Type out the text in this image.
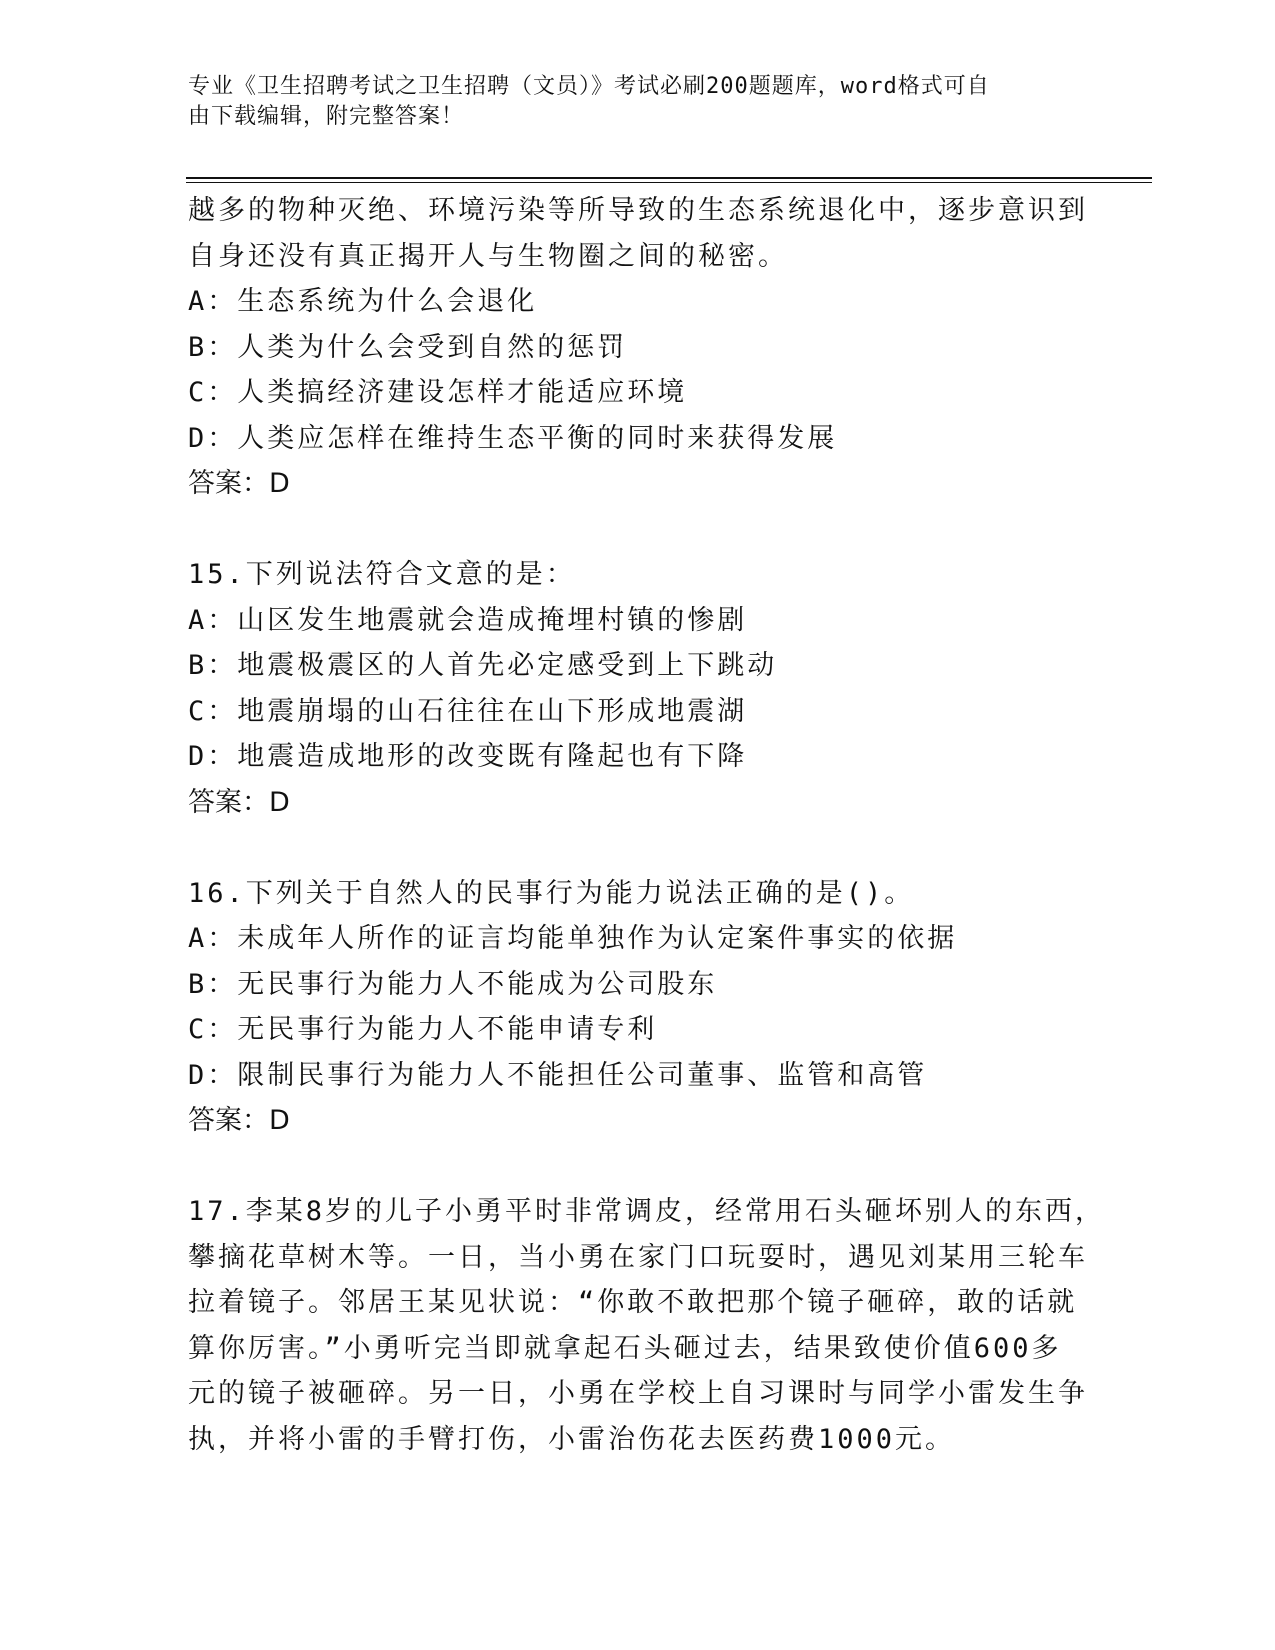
专业《卫生招聘考试之卫生招聘（文员）》考试必刷200题题库，word格式可自
由下载编辑，附完整答案！

越多的物种灭绝、环境污染等所导致的生态系统退化中，逐步意识到

自身还没有真正揭开人与生物圈之间的秘密。

A：生态系统为什么会退化

B：人类为什么会受到自然的惩罚

C：人类搞经济建设怎样才能适应环境

D：人类应怎样在维持生态平衡的同时来获得发展

答案：D

15.下列说法符合文意的是：

A：山区发生地震就会造成掩埋村镇的惨剧

B：地震极震区的人首先必定感受到上下跳动

C：地震崩塌的山石往往在山下形成地震湖

D：地震造成地形的改变既有隆起也有下降

答案：D

16.下列关于自然人的民事行为能力说法正确的是()。

A：未成年人所作的证言均能单独作为认定案件事实的依据

B：无民事行为能力人不能成为公司股东

C：无民事行为能力人不能申请专利

D：限制民事行为能力人不能担任公司董事、监管和高管

答案：D

17.李某8岁的儿子小勇平时非常调皮，经常用石头砸坏别人的东西，

攀摘花草树木等。一日，当小勇在家门口玩耍时，遇见刘某用三轮车

拉着镜子。邻居王某见状说：“你敢不敢把那个镜子砸碎，敢的话就

算你厉害。”小勇听完当即就拿起石头砸过去，结果致使价值600多

元的镜子被砸碎。另一日，小勇在学校上自习课时与同学小雷发生争

执，并将小雷的手臂打伤，小雷治伤花去医药费1000元。
